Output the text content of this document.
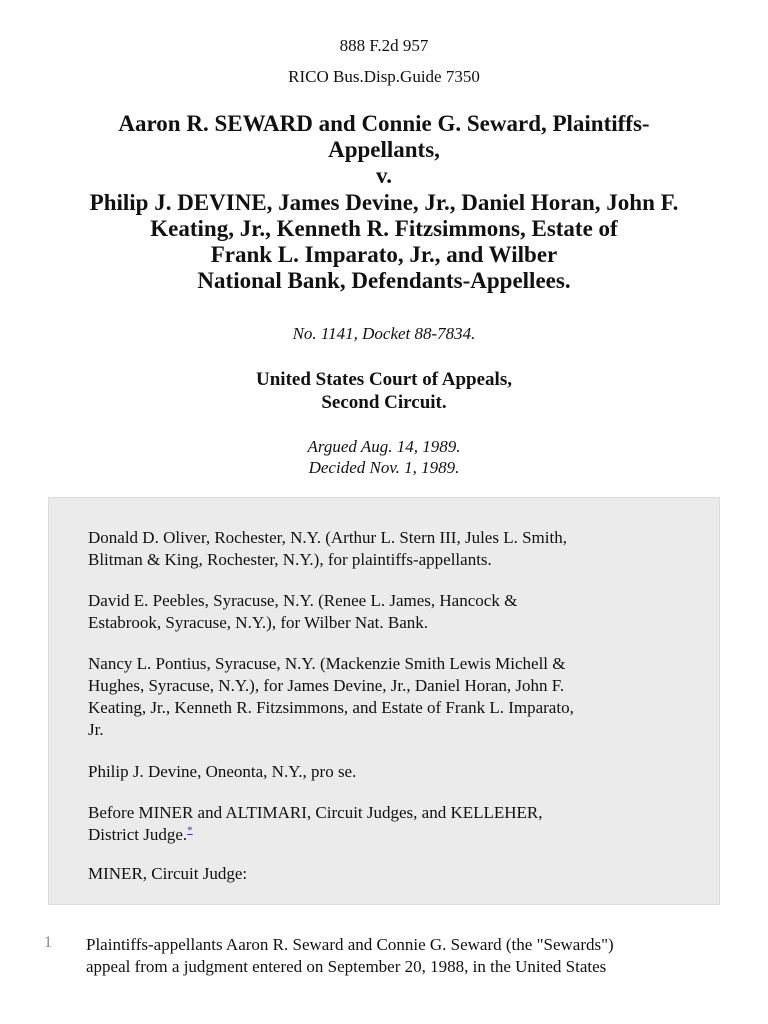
888 F.2d 957
RICO Bus.Disp.Guide 7350
Aaron R. SEWARD and Connie G. Seward, Plaintiffs-
Appellants,
v.
Philip J. DEVINE, James Devine, Jr., Daniel Horan, John F.
Keating, Jr., Kenneth R. Fitzsimmons, Estate of
Frank L. Imparato, Jr., and Wilber
National Bank, Defendants-Appellees.
No. 1141, Docket 88-7834.
United States Court of Appeals,
Second Circuit.
Argued Aug. 14, 1989.
Decided Nov. 1, 1989.
Donald D. Oliver, Rochester, N.Y. (Arthur L. Stern III, Jules L. Smith,
Blitman & King, Rochester, N.Y.), for plaintiffs-appellants.
David E. Peebles, Syracuse, N.Y. (Renee L. James, Hancock &
Estabrook, Syracuse, N.Y.), for Wilber Nat. Bank.
Nancy L. Pontius, Syracuse, N.Y. (Mackenzie Smith Lewis Michell &
Hughes, Syracuse, N.Y.), for James Devine, Jr., Daniel Horan, John F.
Keating, Jr., Kenneth R. Fitzsimmons, and Estate of Frank L. Imparato,
Jr.
Philip J. Devine, Oneonta, N.Y., pro se.
Before MINER and ALTIMARI, Circuit Judges, and KELLEHER,
District Judge.*
MINER, Circuit Judge:
1 Plaintiffs-appellants Aaron R. Seward and Connie G. Seward (the "Sewards")
appeal from a judgment entered on September 20, 1988, in the United States
